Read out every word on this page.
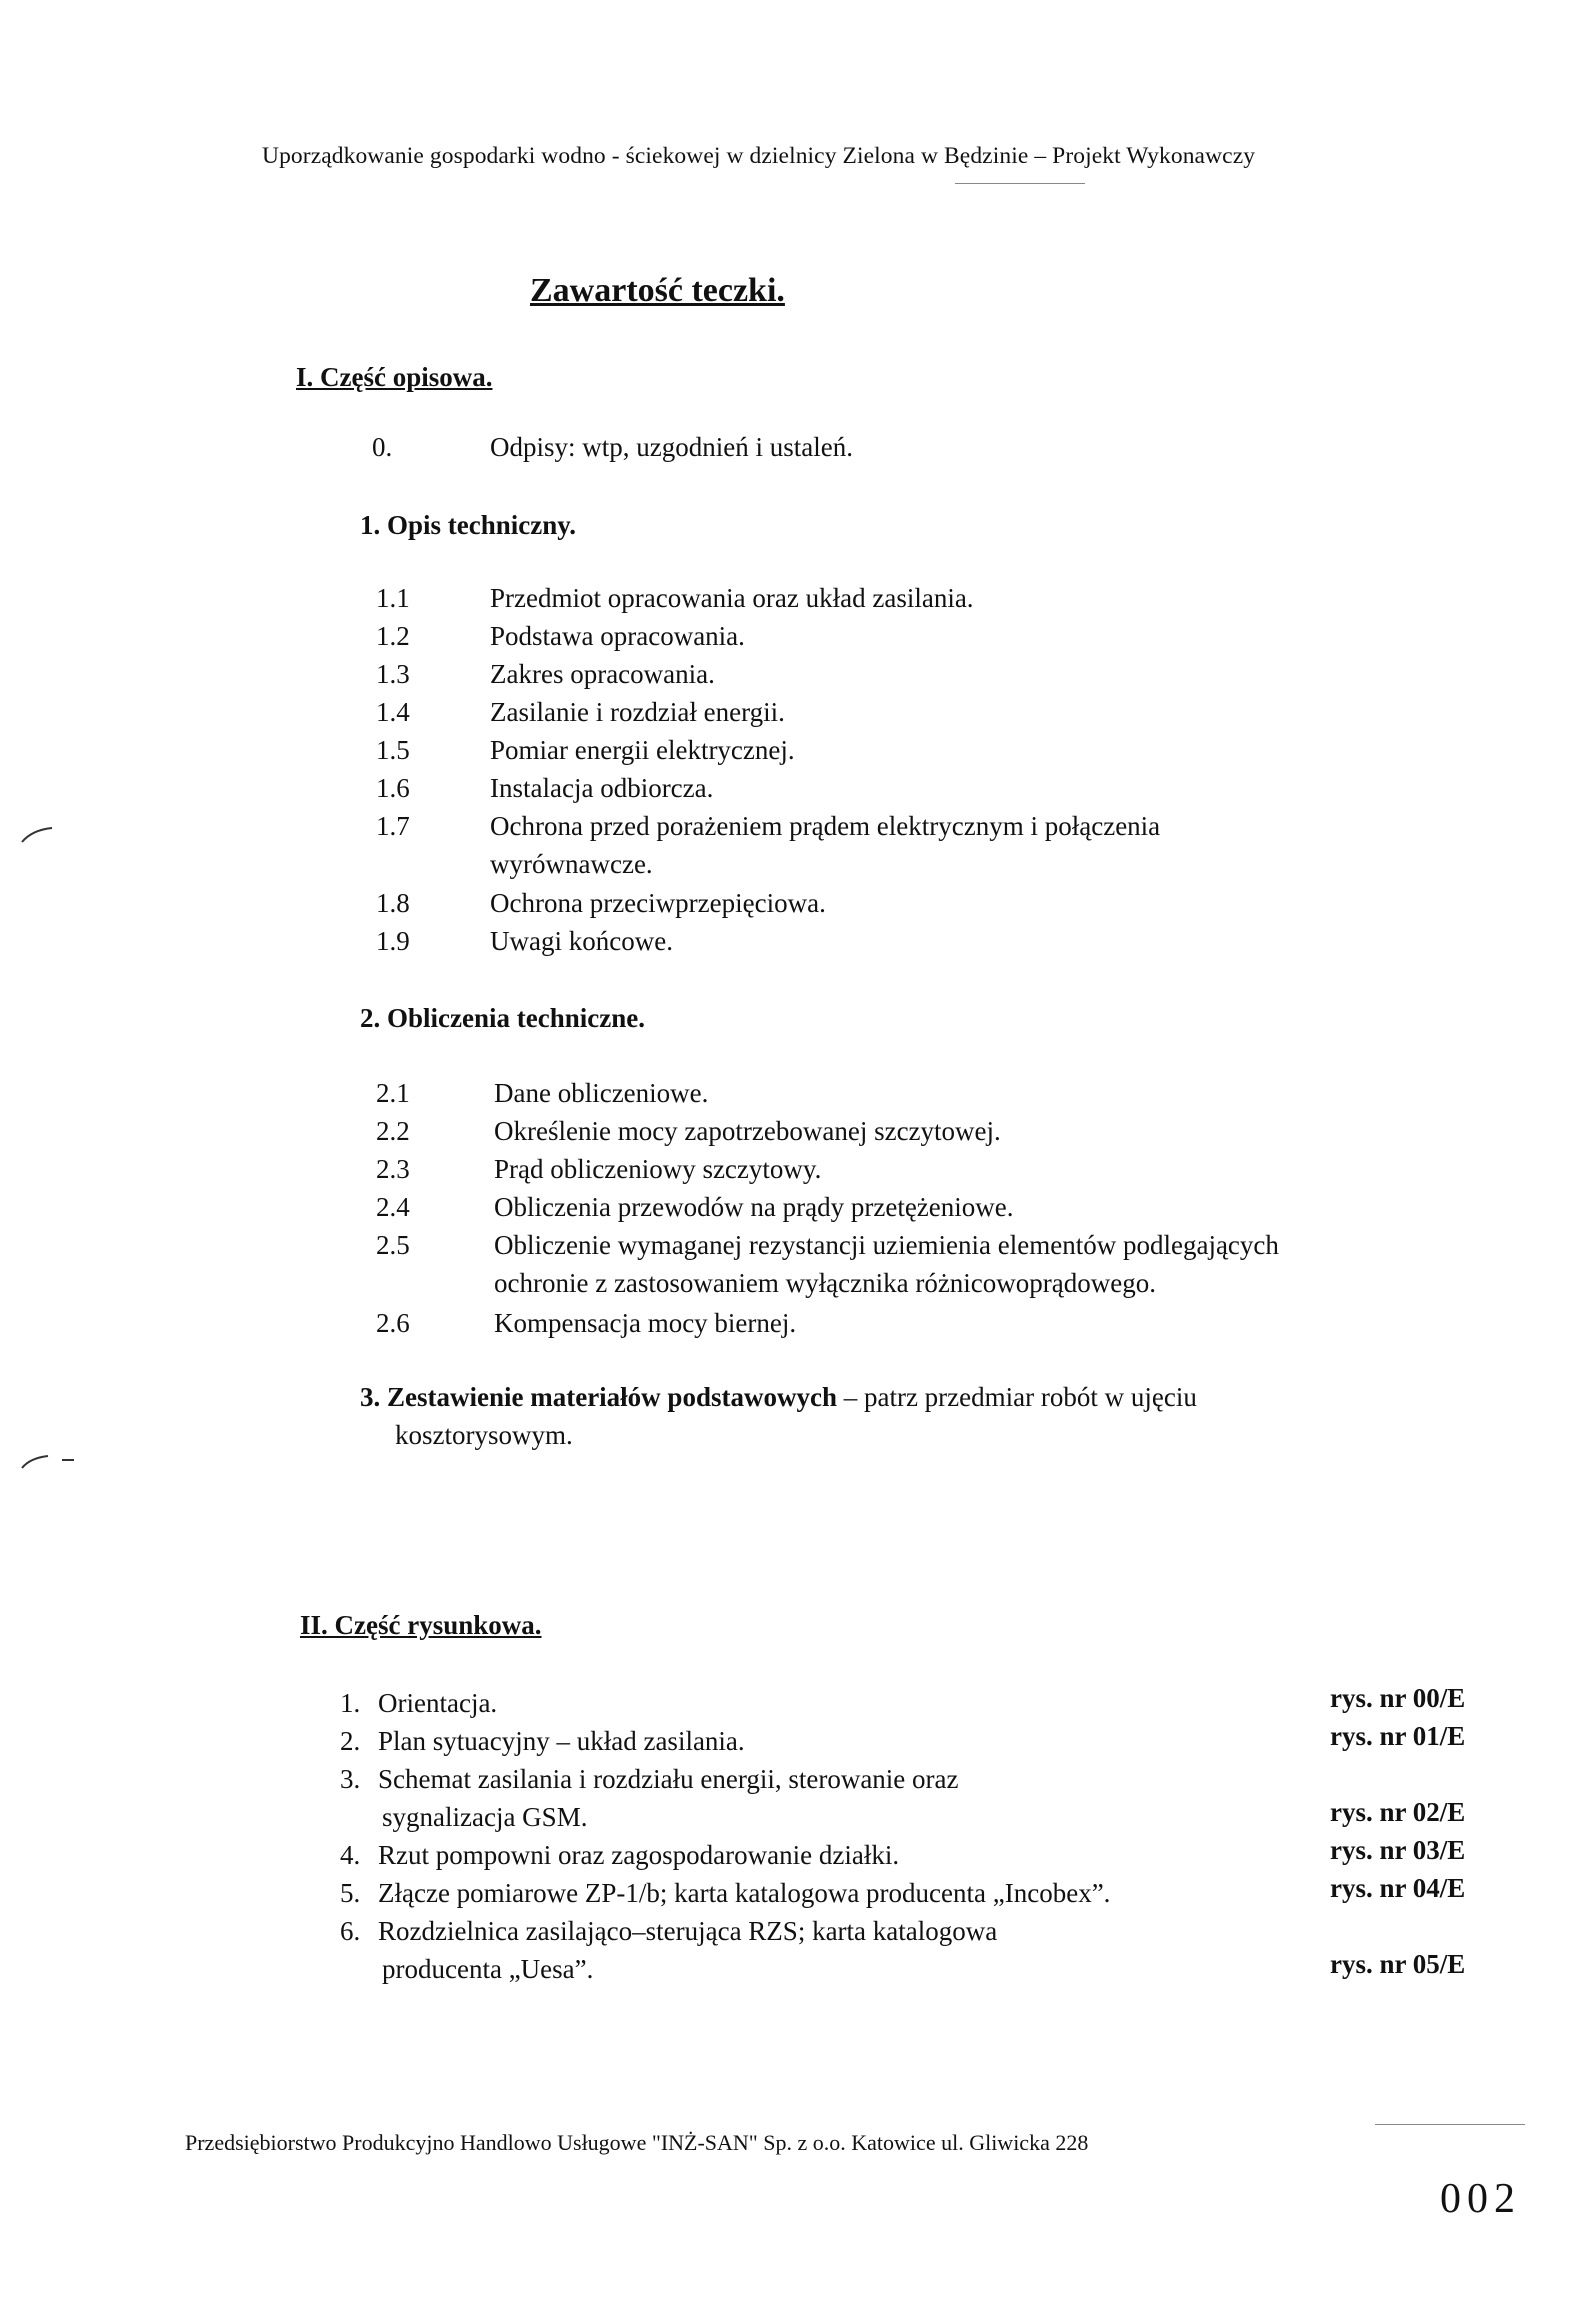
Uporządkowanie gospodarki wodno - ściekowej w dzielnicy Zielona w Będzinie – Projekt Wykonawczy
Zawartość teczki.
I. Część opisowa.
0.	Odpisy: wtp, uzgodnień i ustaleń.
1. Opis techniczny.
1.1	Przedmiot opracowania oraz układ zasilania.
1.2	Podstawa opracowania.
1.3	Zakres opracowania.
1.4	Zasilanie i rozdział energii.
1.5	Pomiar energii elektrycznej.
1.6	Instalacja odbiorcza.
1.7	Ochrona przed porażeniem prądem elektrycznym i połączenia
wyrównawcze.
1.8	Ochrona przeciwprzepięciowa.
1.9	Uwagi końcowe.
2. Obliczenia techniczne.
2.1	Dane obliczeniowe.
2.2	Określenie mocy zapotrzebowanej szczytowej.
2.3	Prąd obliczeniowy szczytowy.
2.4	Obliczenia przewodów na prądy przetężeniowe.
2.5	Obliczenie wymaganej rezystancji uziemienia elementów podlegających
ochronie z zastosowaniem wyłącznika różnicowoprądowego.
2.6	Kompensacja mocy biernej.
3. Zestawienie materiałów podstawowych – patrz przedmiar robót w ujęciu
kosztorysowym.
II. Część rysunkowa.
1. Orientacja.	rys. nr 00/E
2. Plan sytuacyjny – układ zasilania.	rys. nr 01/E
3. Schemat zasilania i rozdziału energii, sterowanie oraz
sygnalizacja GSM.	rys. nr 02/E
4. Rzut pompowni oraz zagospodarowanie działki.	rys. nr 03/E
5. Złącze pomiarowe ZP-1/b; karta katalogowa producenta „Incobex”.	rys. nr 04/E
6. Rozdzielnica zasilająco–sterująca RZS; karta katalogowa
producenta „Uesa”.	rys. nr 05/E
Przedsiębiorstwo Produkcyjno Handlowo Usługowe "INŻ-SAN" Sp. z o.o. Katowice ul. Gliwicka 228
002
